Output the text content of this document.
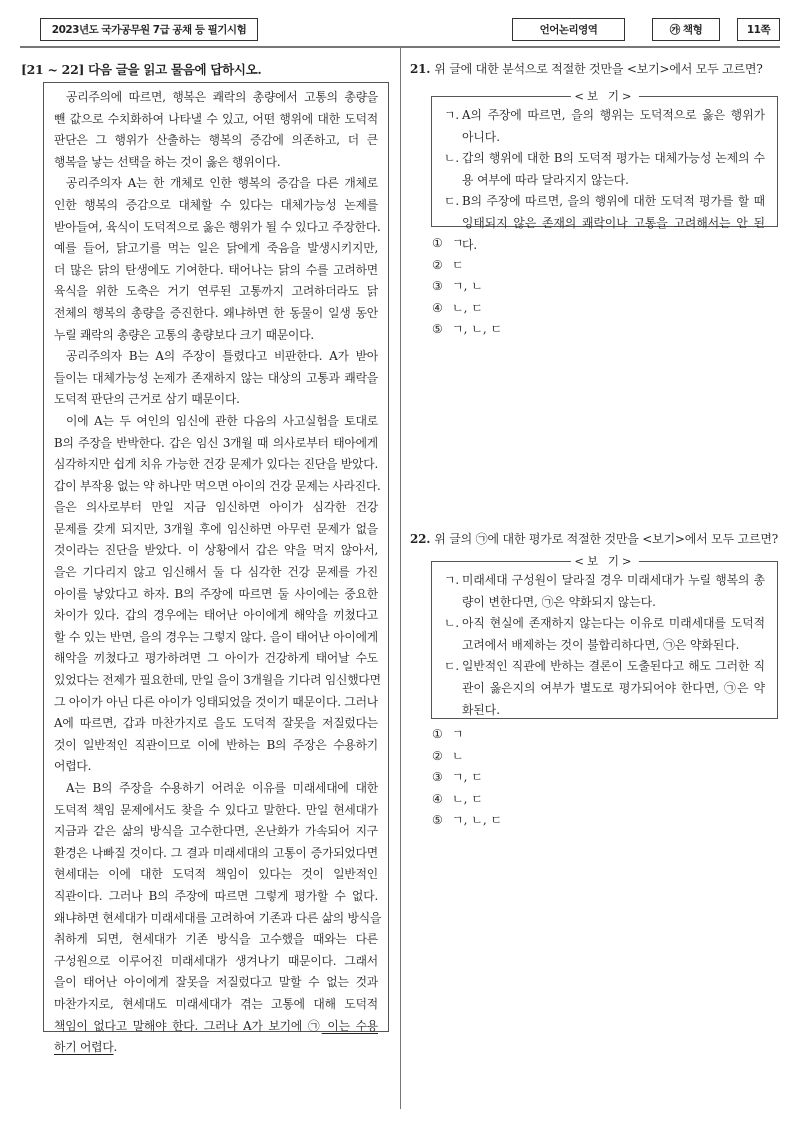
2023년도 국가공무원 7급 공채 등 필기시험	언어논리영역	㉮ 책형	11쪽
[21 ~ 22] 다음 글을 읽고 물음에 답하시오.
공리주의에 따르면, 행복은 쾌락의 총량에서 고통의 총량을
뺀 값으로 수치화하여 나타낼 수 있고, 어떤 행위에 대한 도덕적
판단은 그 행위가 산출하는 행복의 증감에 의존하고, 더 큰
행복을 낳는 선택을 하는 것이 옳은 행위이다.
공리주의자 A는 한 개체로 인한 행복의 증감을 다른 개체로
인한 행복의 증감으로 대체할 수 있다는 대체가능성 논제를
받아들여, 육식이 도덕적으로 옳은 행위가 될 수 있다고 주장한다.
예를 들어, 닭고기를 먹는 일은 닭에게 죽음을 발생시키지만,
더 많은 닭의 탄생에도 기여한다. 태어나는 닭의 수를 고려하면
육식을 위한 도축은 거기 연루된 고통까지 고려하더라도 닭
전체의 행복의 총량을 증진한다. 왜냐하면 한 동물이 일생 동안
누릴 쾌락의 총량은 고통의 총량보다 크기 때문이다.
공리주의자 B는 A의 주장이 틀렸다고 비판한다. A가 받아
들이는 대체가능성 논제가 존재하지 않는 대상의 고통과 쾌락을
도덕적 판단의 근거로 삼기 때문이다.
이에 A는 두 여인의 임신에 관한 다음의 사고실험을 토대로
B의 주장을 반박한다. 갑은 임신 3개월 때 의사로부터 태아에게
심각하지만 쉽게 치유 가능한 건강 문제가 있다는 진단을 받았다.
갑이 부작용 없는 약 하나만 먹으면 아이의 건강 문제는 사라진다.
을은 의사로부터 만일 지금 임신하면 아이가 심각한 건강
문제를 갖게 되지만, 3개월 후에 임신하면 아무런 문제가 없을
것이라는 진단을 받았다. 이 상황에서 갑은 약을 먹지 않아서,
을은 기다리지 않고 임신해서 둘 다 심각한 건강 문제를 가진
아이를 낳았다고 하자. B의 주장에 따르면 둘 사이에는 중요한
차이가 있다. 갑의 경우에는 태어난 아이에게 해악을 끼쳤다고
할 수 있는 반면, 을의 경우는 그렇지 않다. 을이 태어난 아이에게
해악을 끼쳤다고 평가하려면 그 아이가 건강하게 태어날 수도
있었다는 전제가 필요한데, 만일 을이 3개월을 기다려 임신했다면
그 아이가 아닌 다른 아이가 잉태되었을 것이기 때문이다. 그러나
A에 따르면, 갑과 마찬가지로 을도 도덕적 잘못을 저질렀다는
것이 일반적인 직관이므로 이에 반하는 B의 주장은 수용하기
어렵다.
A는 B의 주장을 수용하기 어려운 이유를 미래세대에 대한
도덕적 책임 문제에서도 찾을 수 있다고 말한다. 만일 현세대가
지금과 같은 삶의 방식을 고수한다면, 온난화가 가속되어 지구
환경은 나빠질 것이다. 그 결과 미래세대의 고통이 증가되었다면
현세대는 이에 대한 도덕적 책임이 있다는 것이 일반적인
직관이다. 그러나 B의 주장에 따르면 그렇게 평가할 수 없다.
왜냐하면 현세대가 미래세대를 고려하여 기존과 다른 삶의 방식을
취하게 되면, 현세대가 기존 방식을 고수했을 때와는 다른
구성원으로 이루어진 미래세대가 생겨나기 때문이다. 그래서
을이 태어난 아이에게 잘못을 저질렀다고 말할 수 없는 것과
마찬가지로, 현세대도 미래세대가 겪는 고통에 대해 도덕적
책임이 없다고 말해야 한다. 그러나 A가 보기에 ㉠ 이는 수용
하기 어렵다.
21. 위 글에 대한 분석으로 적절한 것만을 <보기>에서 모두 고르면?
<보 기>
ㄱ. A의 주장에 따르면, 을의 행위는 도덕적으로 옳은 행위가 아니다.
ㄴ. 갑의 행위에 대한 B의 도덕적 평가는 대체가능성 논제의 수용 여부에 따라 달라지지 않는다.
ㄷ. B의 주장에 따르면, 을의 행위에 대한 도덕적 평가를 할 때 잉태되지 않은 존재의 쾌락이나 고통을 고려해서는 안 된다.
① ㄱ
② ㄷ
③ ㄱ, ㄴ
④ ㄴ, ㄷ
⑤ ㄱ, ㄴ, ㄷ
22. 위 글의 ㉠에 대한 평가로 적절한 것만을 <보기>에서 모두 고르면?
<보 기>
ㄱ. 미래세대 구성원이 달라질 경우 미래세대가 누릴 행복의 총량이 변한다면, ㉠은 약화되지 않는다.
ㄴ. 아직 현실에 존재하지 않는다는 이유로 미래세대를 도덕적 고려에서 배제하는 것이 불합리하다면, ㉠은 약화된다.
ㄷ. 일반적인 직관에 반하는 결론이 도출된다고 해도 그러한 직관이 옳은지의 여부가 별도로 평가되어야 한다면, ㉠은 약화된다.
① ㄱ
② ㄴ
③ ㄱ, ㄷ
④ ㄴ, ㄷ
⑤ ㄱ, ㄴ, ㄷ
